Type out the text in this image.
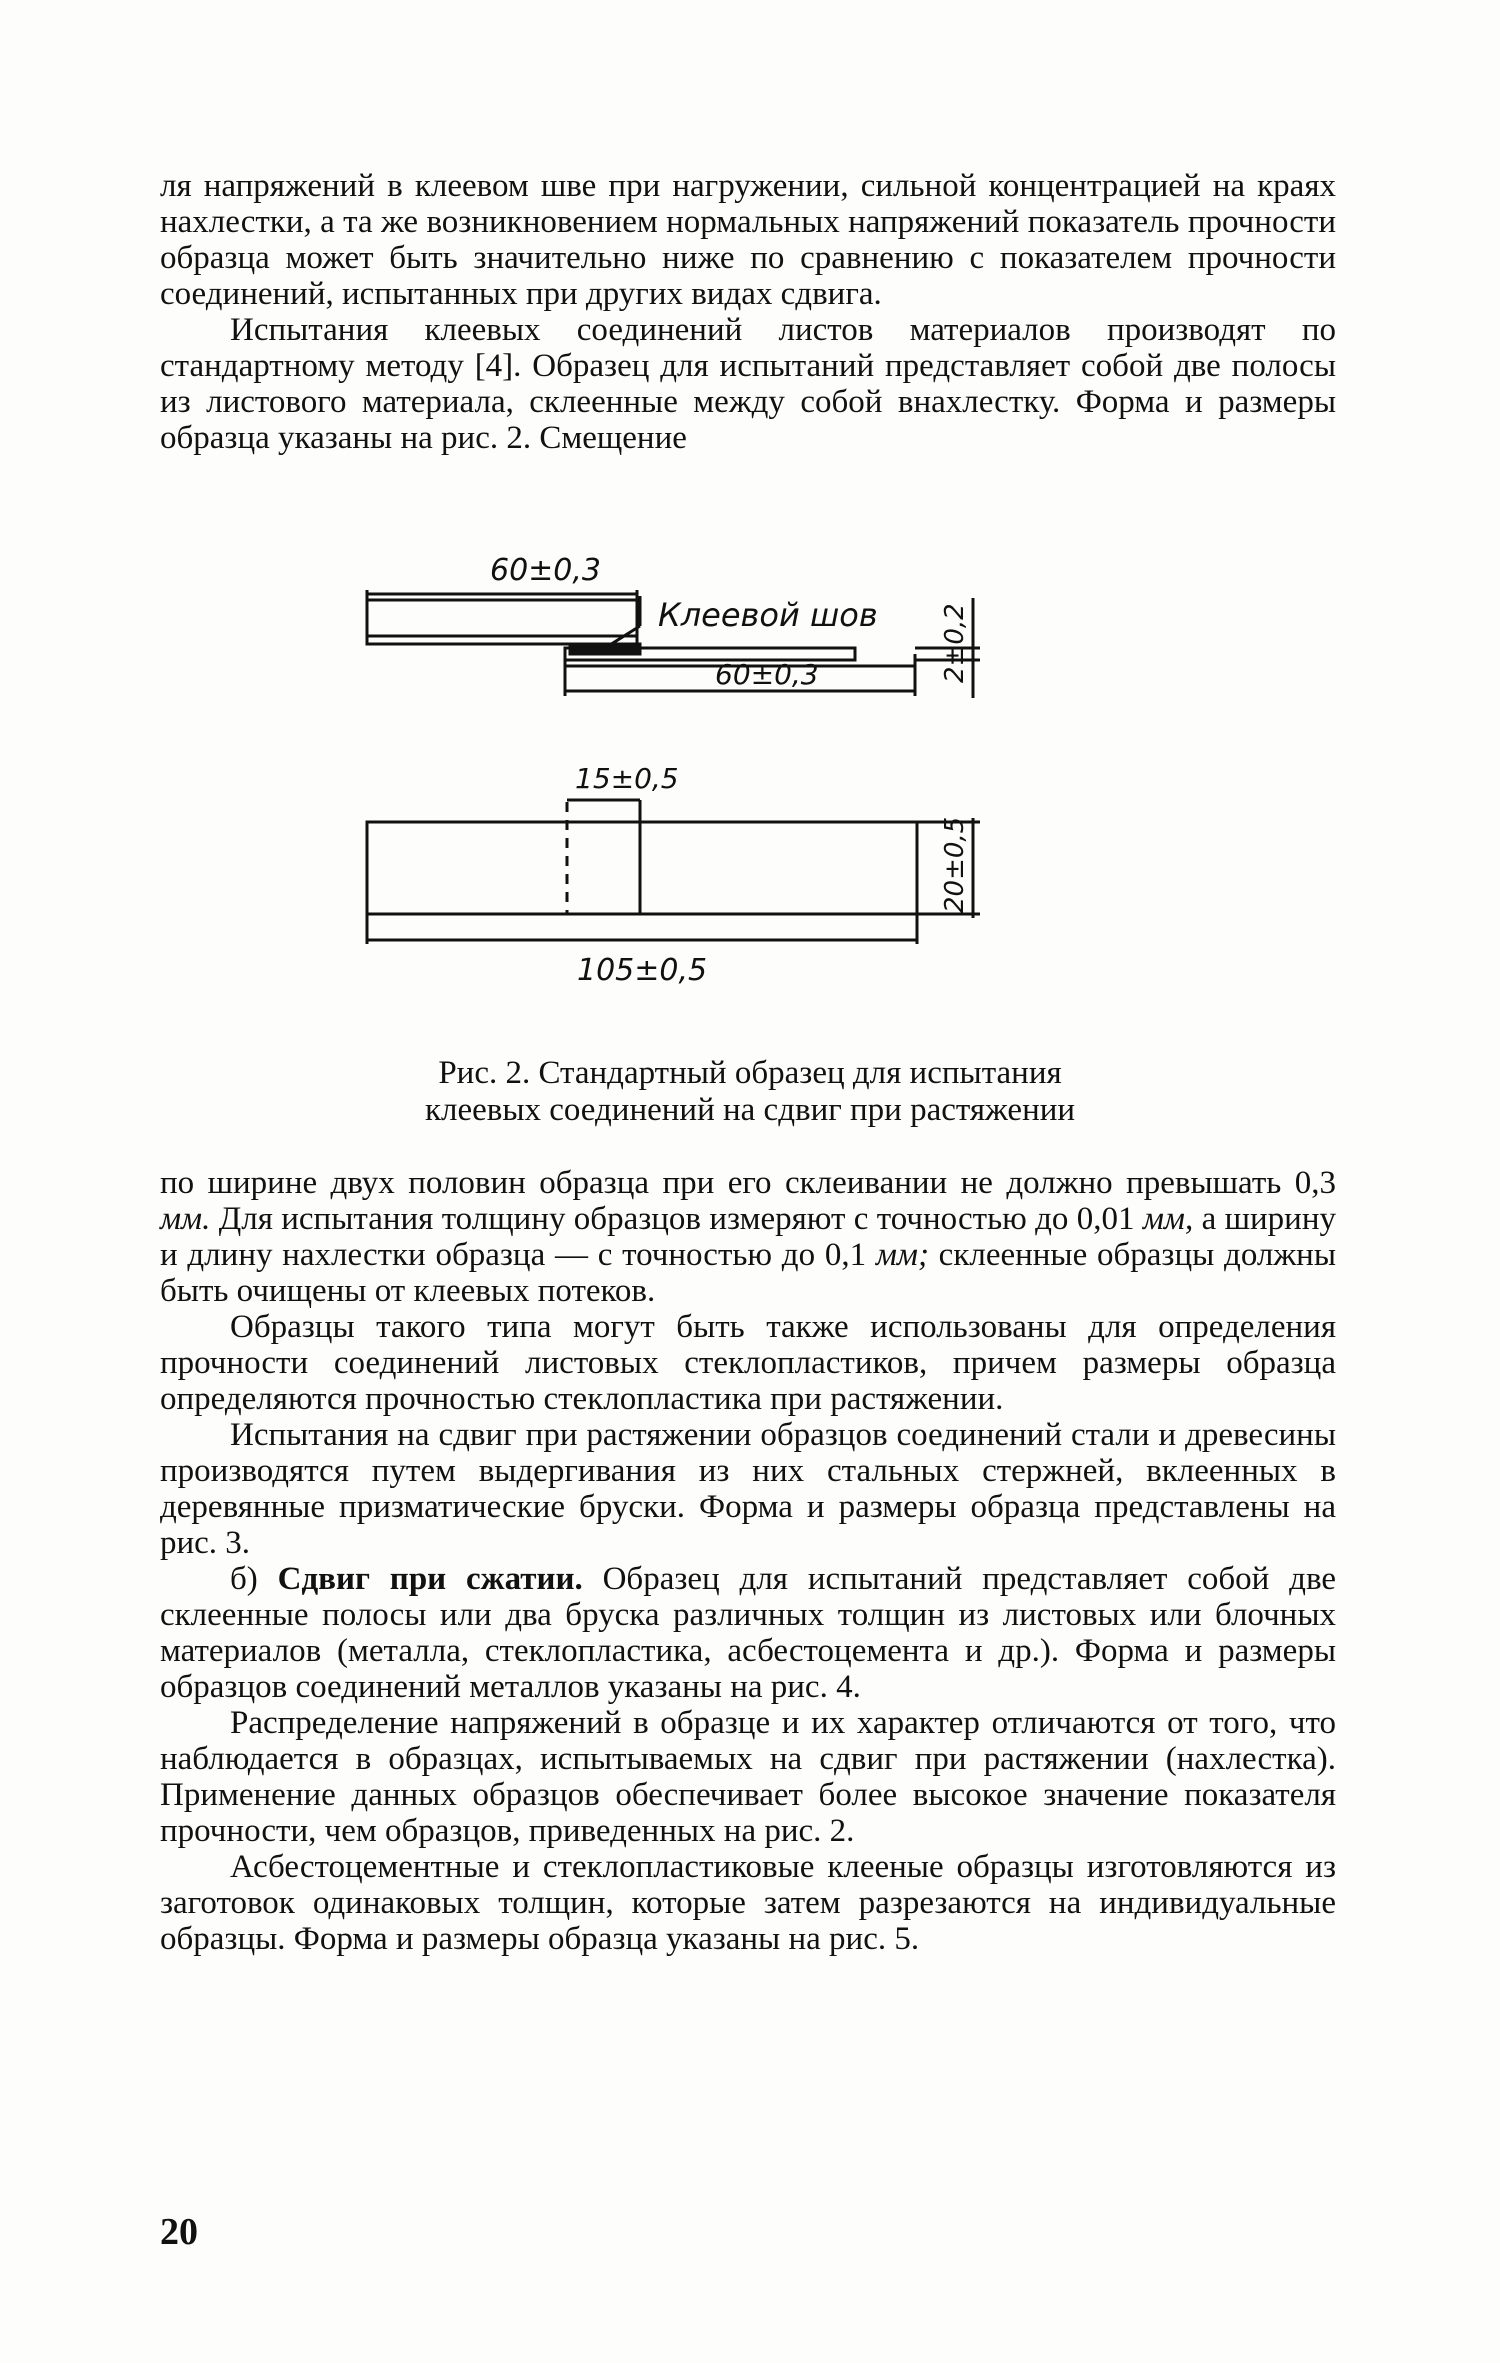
ля напряжений в клеевом шве при нагружении, сильной концентрацией на краях нахлестки, а та же возникновением нормальных напряжений показатель прочности образца может быть значительно ниже по сравнению с показателем прочности соединений, испытанных при других видах сдвига.

Испытания клеевых соединений листов материалов производят по стандартному методу [4]. Образец для испытаний представляет собой две полосы из листового материала, склеенные между собой внахлестку. Форма и размеры образца указаны на рис. 2. Смещение

60±0,3
Клеевой шов
60±0,3
15±0,5
105±0,5
2±0,2
20±0,5
Рис. 2. Стандартный образец для испытания
клеевых соединений на сдвиг при растяжении

по ширине двух половин образца при его склеивании не должно превышать 0,3 мм. Для испытания толщину образцов измеряют с точностью до 0,01 мм, а ширину и длину нахлестки образца — с точностью до 0,1 мм; склеенные образцы должны быть очищены от клеевых потеков.

Образцы такого типа могут быть также использованы для определения прочности соединений листовых стеклопластиков, причем размеры образца определяются прочностью стеклопластика при растяжении.

Испытания на сдвиг при растяжении образцов соединений стали и древесины производятся путем выдергивания из них стальных стержней, вклеенных в деревянные призматические бруски. Форма и размеры образца представлены на рис. 3.

б) Сдвиг при сжатии. Образец для испытаний представляет собой две склеенные полосы или два бруска различных толщин из листовых или блочных материалов (металла, стеклопластика, асбестоцемента и др.). Форма и размеры образцов соединений металлов указаны на рис. 4.

Распределение напряжений в образце и их характер отличаются от того, что наблюдается в образцах, испытываемых на сдвиг при растяжении (нахлестка). Применение данных образцов обеспечивает более высокое значение показателя прочности, чем образцов, приведенных на рис. 2.

Асбестоцементные и стеклопластиковые клееные образцы изготовляются из заготовок одинаковых толщин, которые затем разрезаются на индивидуальные образцы. Форма и размеры образца указаны на рис. 5.

20
